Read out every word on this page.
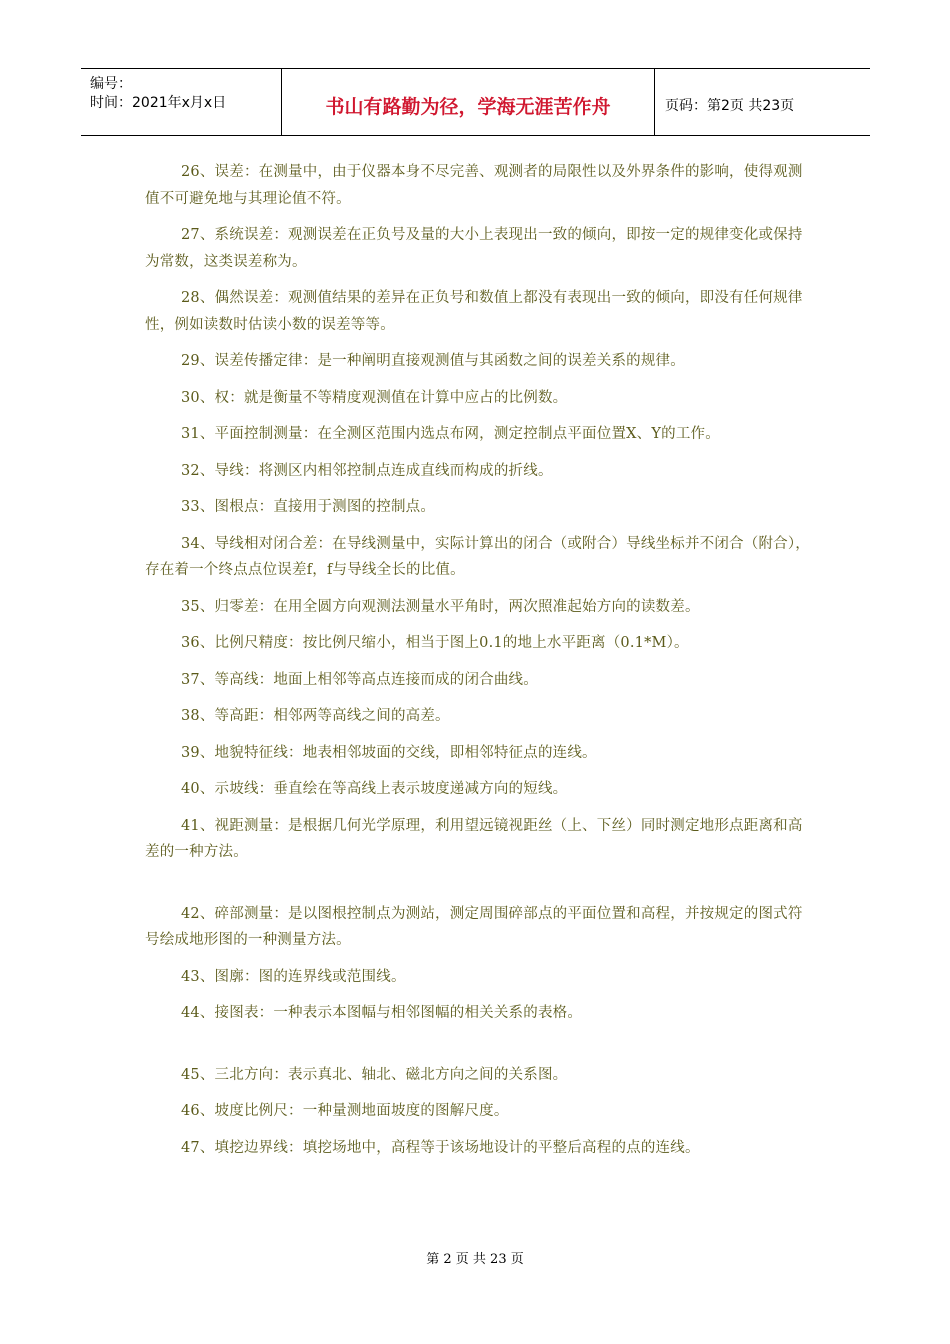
编号：
时间：2021年x月x日	书山有路勤为径，学海无涯苦作舟	页码：第2页 共23页

26、误差：在测量中，由于仪器本身不尽完善、观测者的局限性以及外界条件的影响，使得观测值不可避免地与其理论值不符。

27、系统误差：观测误差在正负号及量的大小上表现出一致的倾向，即按一定的规律变化或保持为常数，这类误差称为。

28、偶然误差：观测值结果的差异在正负号和数值上都没有表现出一致的倾向，即没有任何规律性，例如读数时估读小数的误差等等。

29、误差传播定律：是一种阐明直接观测值与其函数之间的误差关系的规律。

30、权：就是衡量不等精度观测值在计算中应占的比例数。

31、平面控制测量：在全测区范围内选点布网，测定控制点平面位置X、Y的工作。

32、导线：将测区内相邻控制点连成直线而构成的折线。

33、图根点：直接用于测图的控制点。

34、导线相对闭合差：在导线测量中，实际计算出的闭合（或附合）导线坐标并不闭合（附合），存在着一个终点点位误差f，f与导线全长的比值。

35、归零差：在用全圆方向观测法测量水平角时，两次照准起始方向的读数差。

36、比例尺精度：按比例尺缩小，相当于图上0.1的地上水平距离（0.1*M）。

37、等高线：地面上相邻等高点连接而成的闭合曲线。

38、等高距：相邻两等高线之间的高差。

39、地貌特征线：地表相邻坡面的交线，即相邻特征点的连线。

40、示坡线：垂直绘在等高线上表示坡度递减方向的短线。

41、视距测量：是根据几何光学原理，利用望远镜视距丝（上、下丝）同时测定地形点距离和高差的一种方法。

42、碎部测量：是以图根控制点为测站，测定周围碎部点的平面位置和高程，并按规定的图式符号绘成地形图的一种测量方法。

43、图廓：图的连界线或范围线。

44、接图表：一种表示本图幅与相邻图幅的相关关系的表格。

45、三北方向：表示真北、轴北、磁北方向之间的关系图。

46、坡度比例尺：一种量测地面坡度的图解尺度。

47、填挖边界线：填挖场地中，高程等于该场地设计的平整后高程的点的连线。

第 2 页 共 23 页
